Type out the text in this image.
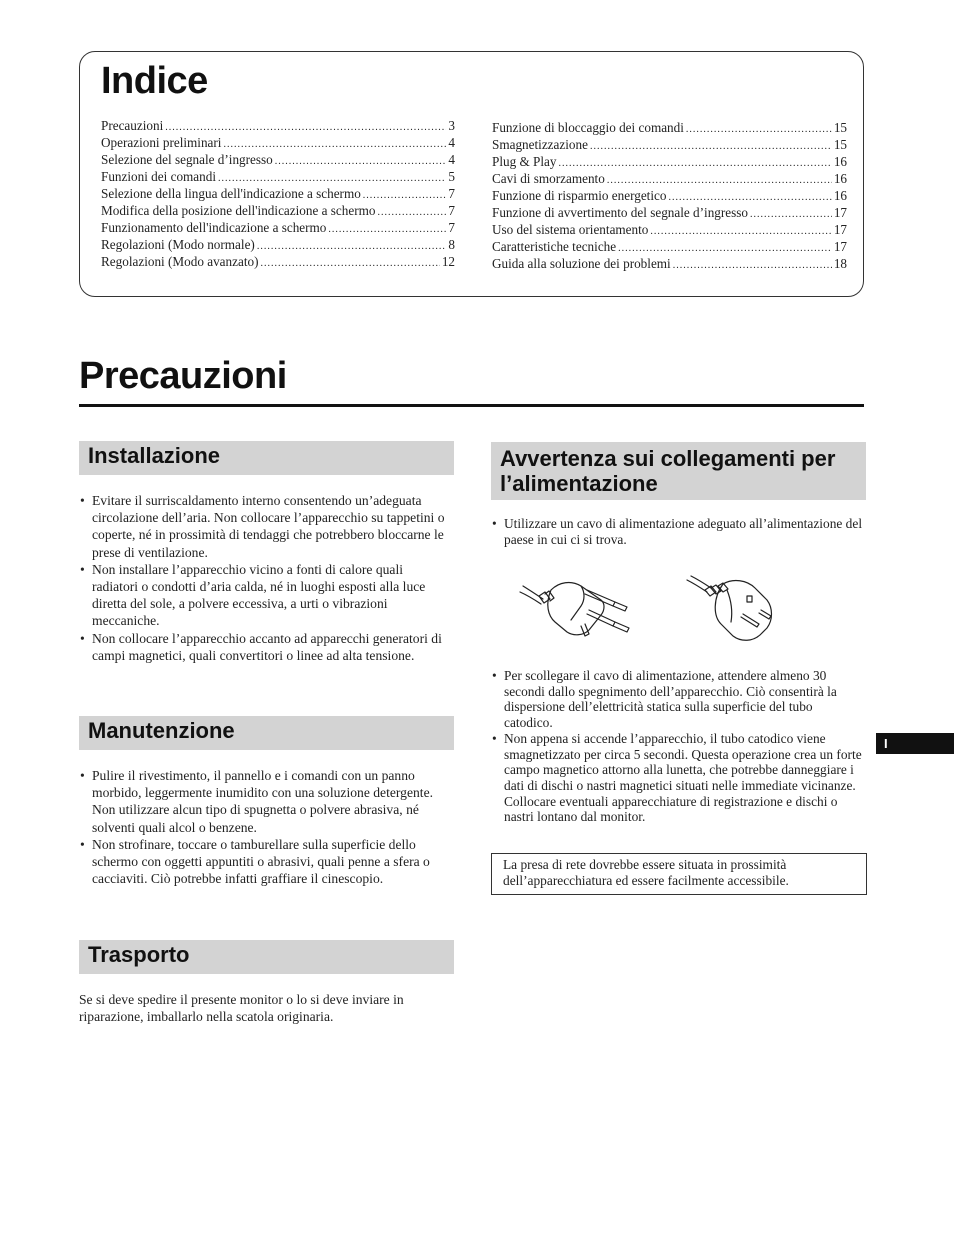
Indice
Precauzioni .....	3
Operazioni preliminari .....	4
Selezione del segnale d’ingresso .....	4
Funzioni dei comandi .....	5
Selezione della lingua dell'indicazione a schermo .....	7
Modifica della posizione dell'indicazione a schermo .....	7
Funzionamento dell'indicazione a schermo .....	7
Regolazioni (Modo normale) .....	8
Regolazioni (Modo avanzato) .....	12
Funzione di bloccaggio dei comandi .....	15
Smagnetizzazione .....	15
Plug & Play .....	16
Cavi di smorzamento .....	16
Funzione di risparmio energetico .....	16
Funzione di avvertimento del segnale d’ingresso .....	17
Uso del sistema orientamento .....	17
Caratteristiche tecniche .....	17
Guida alla soluzione dei problemi .....	18
Precauzioni
Installazione
• Evitare il surriscaldamento interno consentendo un’adeguata circolazione dell’aria. Non collocare l’apparecchio su tappetini o coperte, né in prossimità di tendaggi che potrebbero bloccarne le prese di ventilazione.
• Non installare l’apparecchio vicino a fonti di calore quali radiatori o condotti d’aria calda, né in luoghi esposti alla luce diretta del sole, a polvere eccessiva, a urti o vibrazioni meccaniche.
• Non collocare l’apparecchio accanto ad apparecchi generatori di campi magnetici, quali convertitori o linee ad alta tensione.
Manutenzione
• Pulire il rivestimento, il pannello e i comandi con un panno morbido, leggermente inumidito con una soluzione detergente. Non utilizzare alcun tipo di spugnetta o polvere abrasiva, né solventi quali alcol o benzene.
• Non strofinare, toccare o tamburellare sulla superficie dello schermo con oggetti appuntiti o abrasivi, quali penne a sfera o cacciaviti. Ciò potrebbe infatti graffiare il cinescopio.
Trasporto

Se si deve spedire il presente monitor o lo si deve inviare in riparazione, imballarlo nella scatola originaria.

Avvertenza sui collegamenti per l’alimentazione
• Utilizzare un cavo di alimentazione adeguato all’alimentazione del paese in cui ci si trova.
• Per scollegare il cavo di alimentazione, attendere almeno 30 secondi dallo spegnimento dell’apparecchio. Ciò consentirà la dispersione dell’elettricità statica sulla superficie del tubo catodico.
• Non appena si accende l’apparecchio, il tubo catodico viene smagnetizzato per circa 5 secondi. Questa operazione crea un forte campo magnetico attorno alla lunetta, che potrebbe danneggiare i dati di dischi o nastri magnetici situati nelle immediate vicinanze. Collocare eventuali apparecchiature di registrazione e dischi o nastri lontano dal monitor.
La presa di rete dovrebbe essere situata in prossimità dell’apparecchiatura ed essere facilmente accessibile.
I
